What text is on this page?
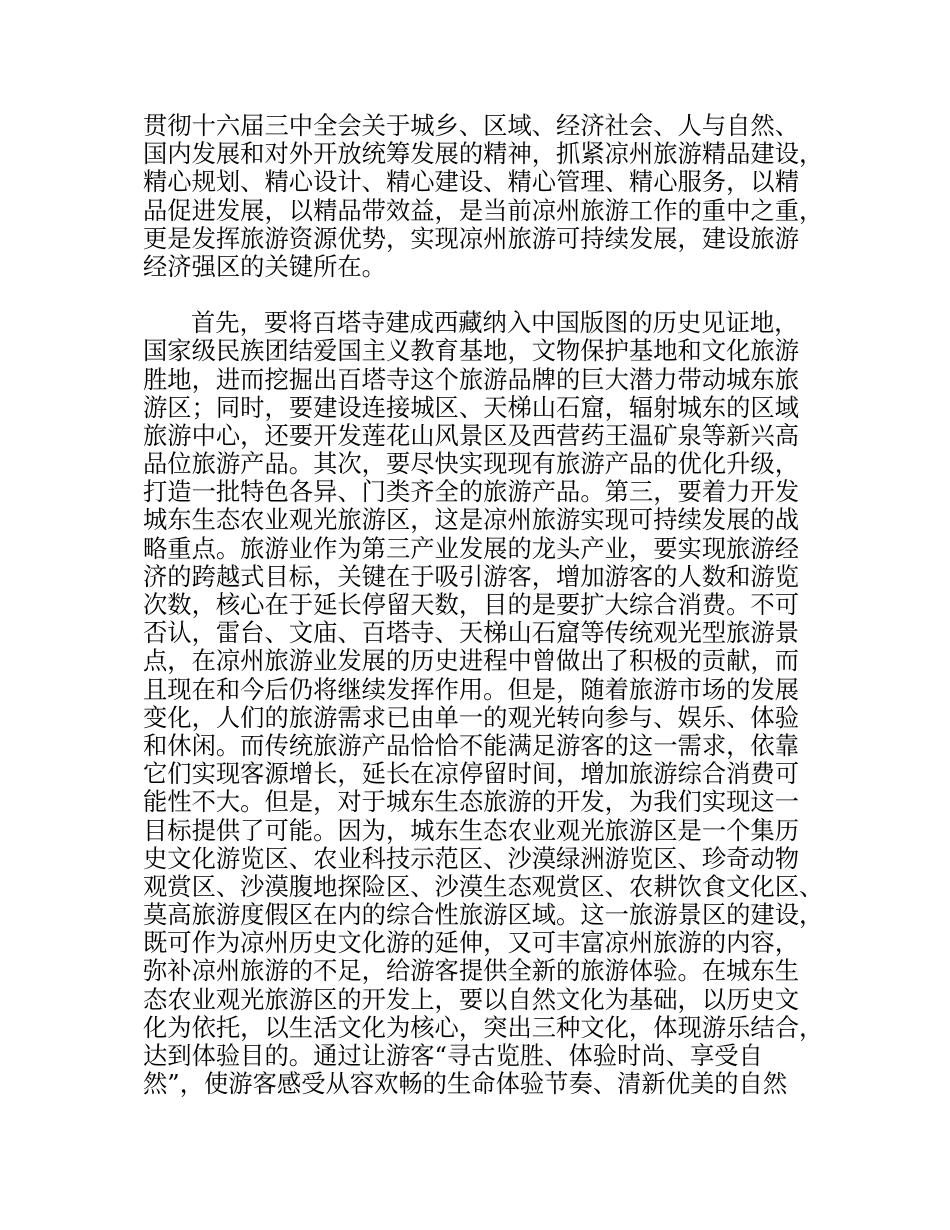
贯彻十六届三中全会关于城乡、区域、经济社会、人与自然、
国内发展和对外开放统筹发展的精神，抓紧凉州旅游精品建设，
精心规划、精心设计、精心建设、精心管理、精心服务，以精
品促进发展，以精品带效益，是当前凉州旅游工作的重中之重，
更是发挥旅游资源优势，实现凉州旅游可持续发展，建设旅游
经济强区的关键所在。
首先，要将百塔寺建成西藏纳入中国版图的历史见证地，
国家级民族团结爱国主义教育基地，文物保护基地和文化旅游
胜地，进而挖掘出百塔寺这个旅游品牌的巨大潜力带动城东旅
游区；同时，要建设连接城区、天梯山石窟，辐射城东的区域
旅游中心，还要开发莲花山风景区及西营药王温矿泉等新兴高
品位旅游产品。其次，要尽快实现现有旅游产品的优化升级，
打造一批特色各异、门类齐全的旅游产品。第三，要着力开发
城东生态农业观光旅游区，这是凉州旅游实现可持续发展的战
略重点。旅游业作为第三产业发展的龙头产业，要实现旅游经
济的跨越式目标，关键在于吸引游客，增加游客的人数和游览
次数，核心在于延长停留天数，目的是要扩大综合消费。不可
否认，雷台、文庙、百塔寺、天梯山石窟等传统观光型旅游景
点，在凉州旅游业发展的历史进程中曾做出了积极的贡献，而
且现在和今后仍将继续发挥作用。但是，随着旅游市场的发展
变化，人们的旅游需求已由单一的观光转向参与、娱乐、体验
和休闲。而传统旅游产品恰恰不能满足游客的这一需求，依靠
它们实现客源增长，延长在凉停留时间，增加旅游综合消费可
能性不大。但是，对于城东生态旅游的开发，为我们实现这一
目标提供了可能。因为，城东生态农业观光旅游区是一个集历
史文化游览区、农业科技示范区、沙漠绿洲游览区、珍奇动物
观赏区、沙漠腹地探险区、沙漠生态观赏区、农耕饮食文化区、
莫高旅游度假区在内的综合性旅游区域。这一旅游景区的建设，
既可作为凉州历史文化游的延伸，又可丰富凉州旅游的内容，
弥补凉州旅游的不足，给游客提供全新的旅游体验。在城东生
态农业观光旅游区的开发上，要以自然文化为基础，以历史文
化为依托，以生活文化为核心，突出三种文化，体现游乐结合，
达到体验目的。通过让游客“寻古览胜、体验时尚、享受自
然”，使游客感受从容欢畅的生命体验节奏、清新优美的自然
